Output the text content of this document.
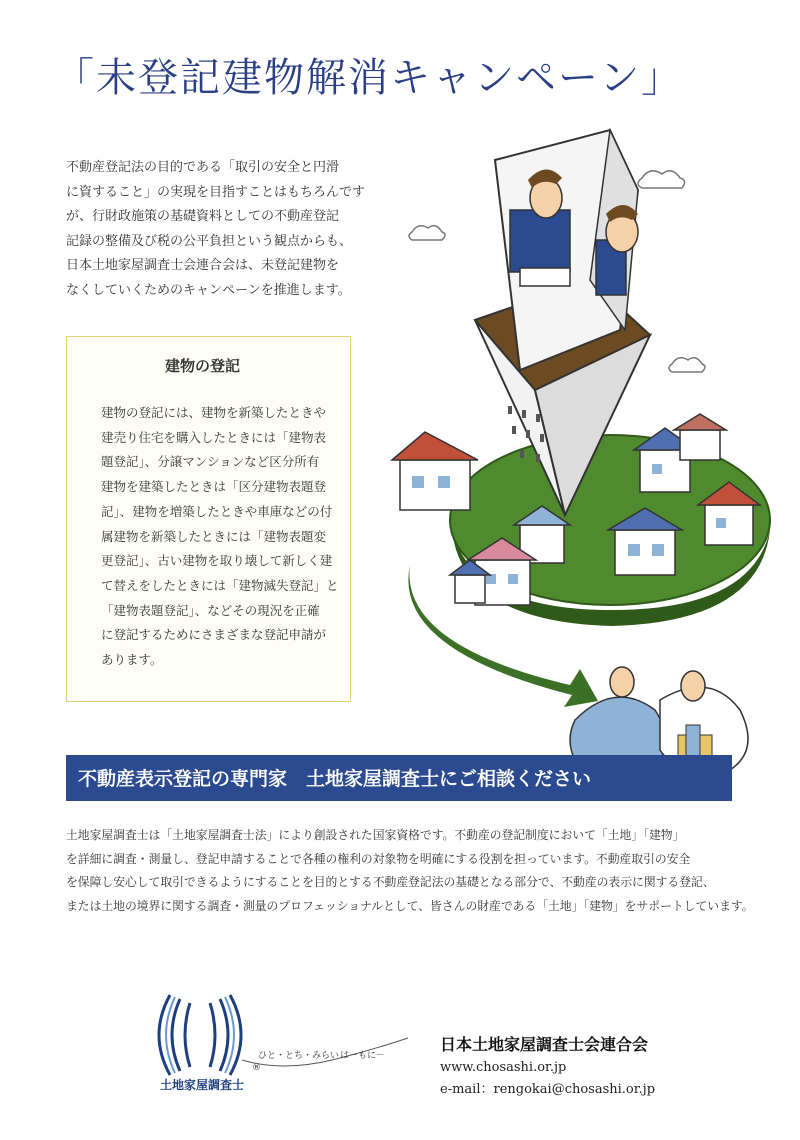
「未登記建物解消キャンペーン」
不動産登記法の目的である「取引の安全と円滑
に資すること」の実現を目指すことはもちろんです
が、行財政施策の基礎資料としての不動産登記
記録の整備及び税の公平負担という観点からも、
日本土地家屋調査士会連合会は、未登記建物を
なくしていくためのキャンペーンを推進します。
建物の登記
建物の登記には、建物を新築したときや
建売り住宅を購入したときには「建物表
題登記」、分譲マンションなど区分所有
建物を建築したときは「区分建物表題登
記」、建物を増築したときや車庫などの付
属建物を新築したときには「建物表題変
更登記」、古い建物を取り壊して新しく建
て替えをしたときには「建物滅失登記」と
「建物表題登記」、などその現況を正確
に登記するためにさまざまな登記申請が
あります。
不動産表示登記の専門家　土地家屋調査士にご相談ください
土地家屋調査士は「土地家屋調査士法」により創設された国家資格です。不動産の登記制度において「土地」「建物」
を詳細に調査・測量し、登記申請することで各種の権利の対象物を明確にする役割を担っています。不動産取引の安全
を保障し安心して取引できるようにすることを目的とする不動産登記法の基礎となる部分で、不動産の表示に関する登記、
または土地の境界に関する調査・測量のプロフェッショナルとして、皆さんの財産である「土地」「建物」をサポートしています。
土地家屋調査士
®
ひと・とち・みらい は－もに－
日本土地家屋調査士会連合会
www.chosashi.or.jp
e-mail：rengokai@chosashi.or.jp
